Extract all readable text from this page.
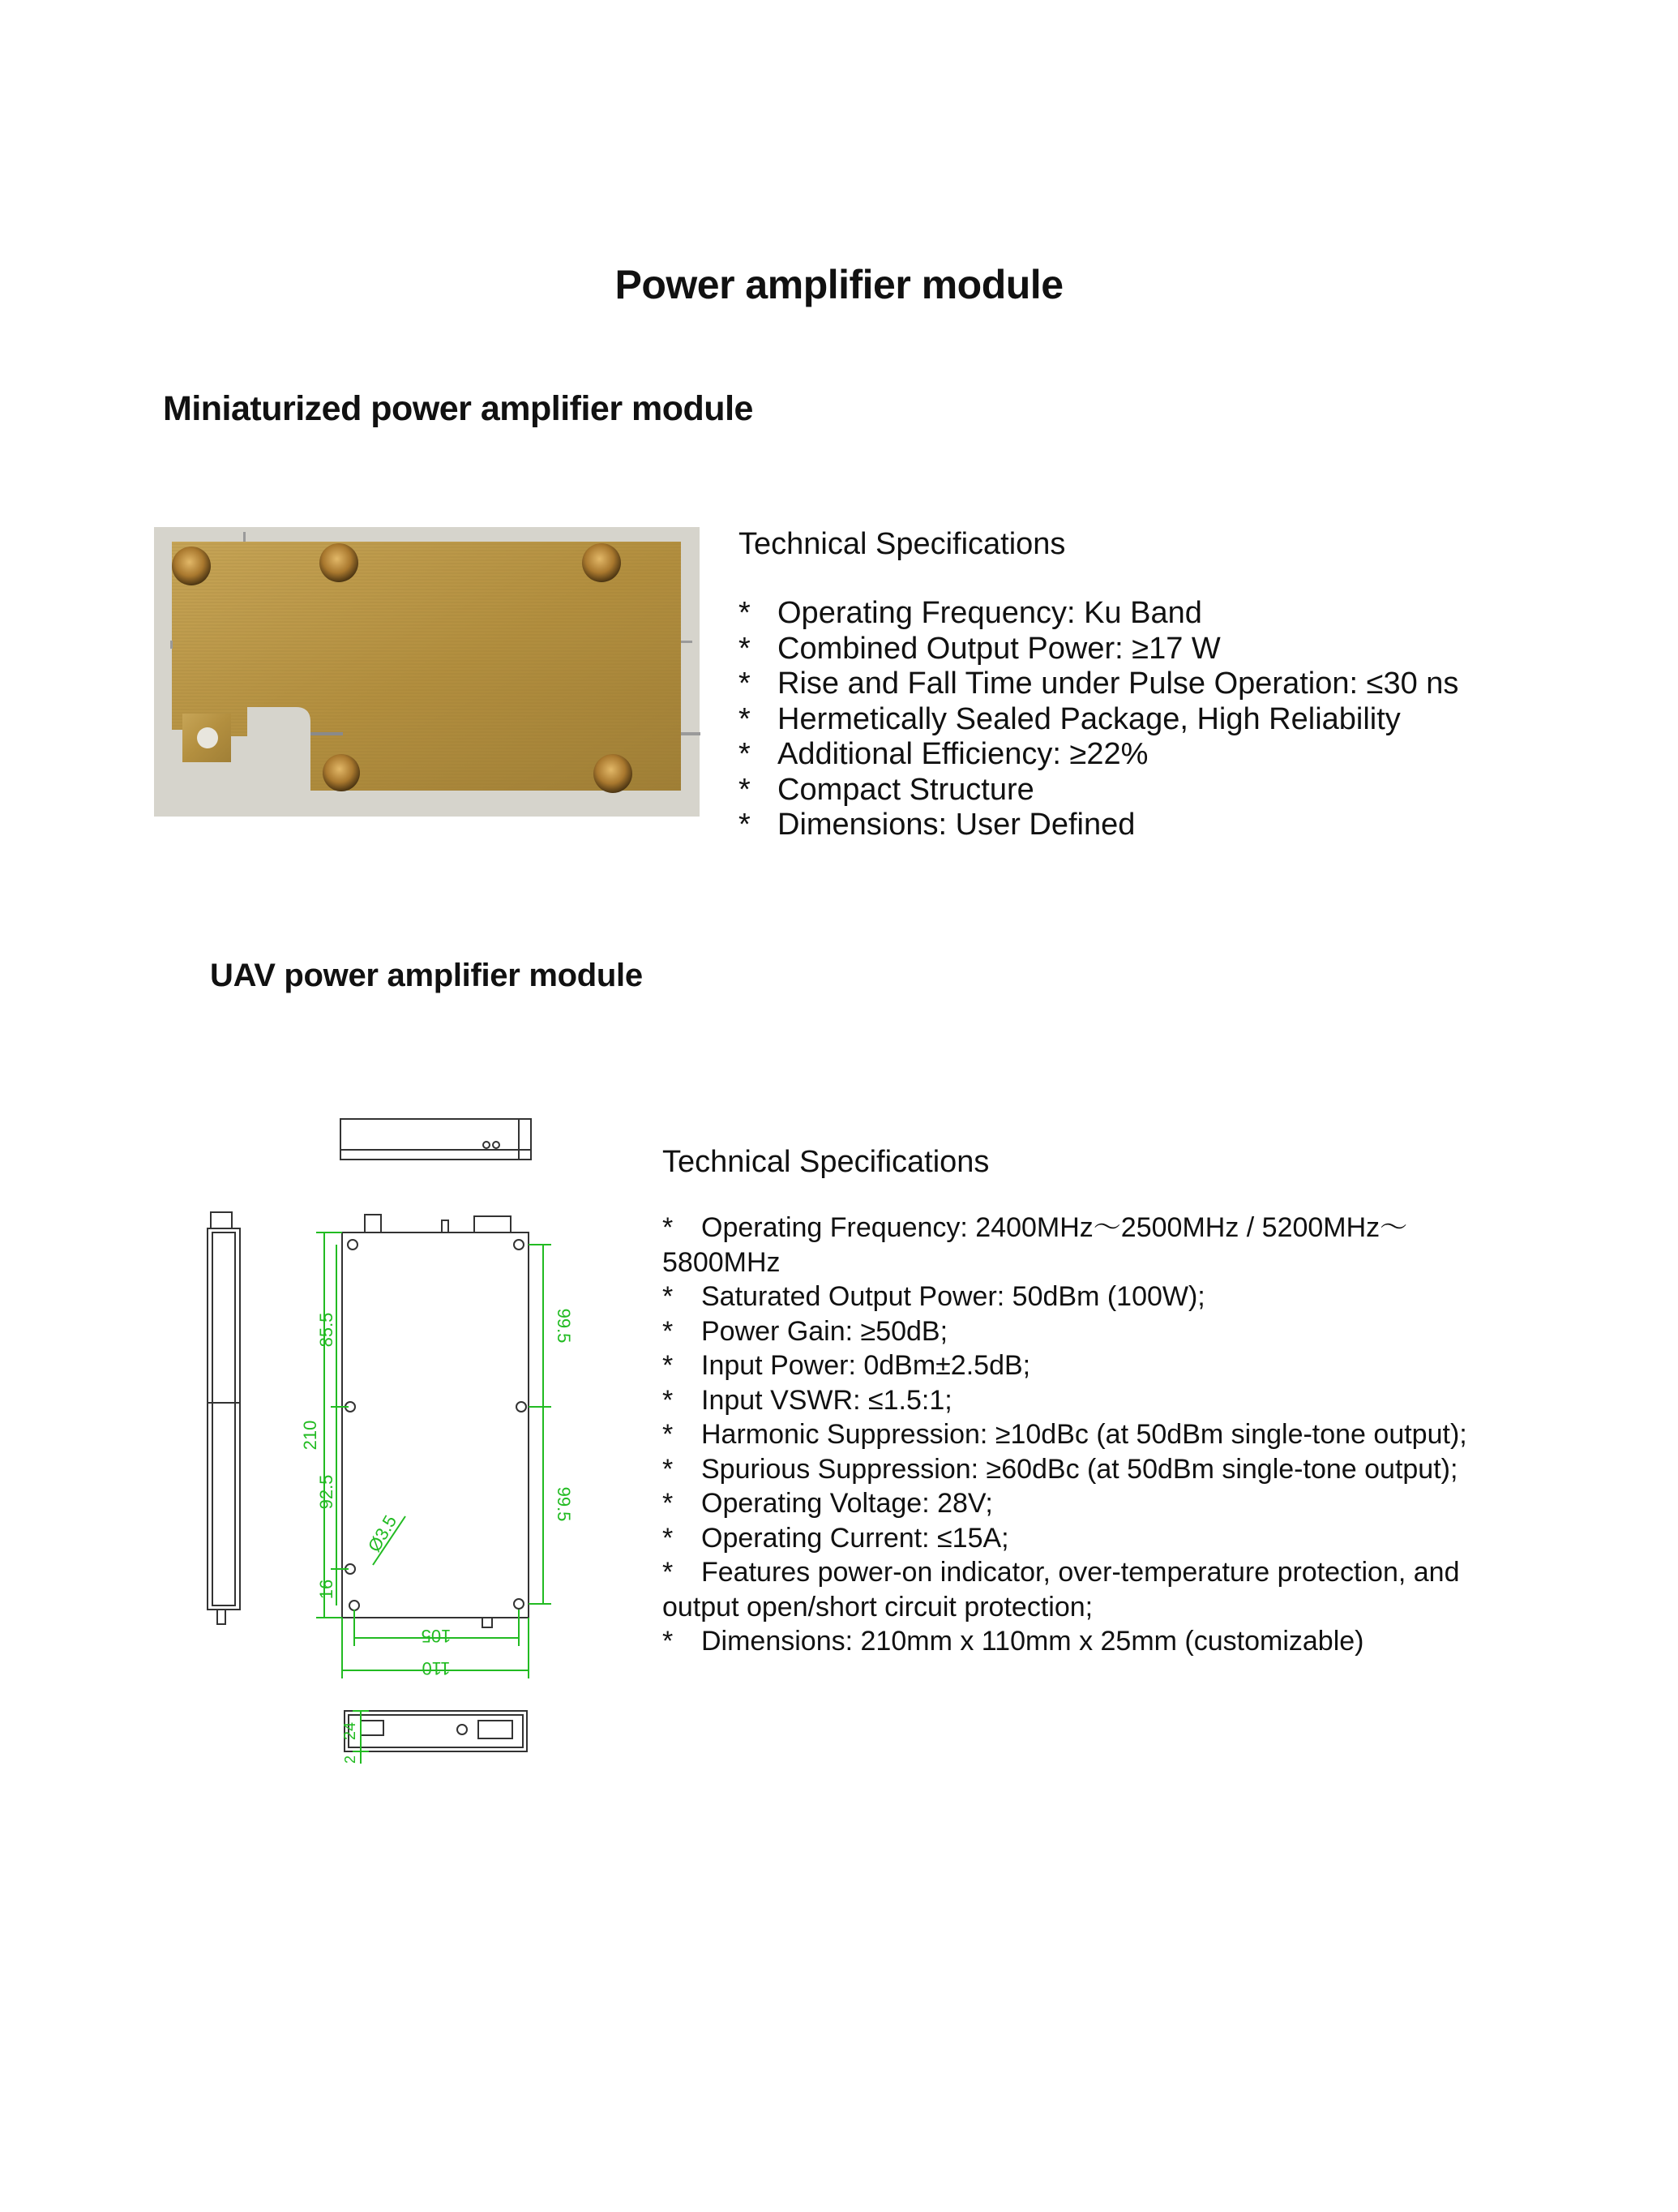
Power amplifier module
Miniaturized power amplifier module
Technical Specifications
* Operating Frequency: Ku Band
* Combined Output Power: ≥17 W
* Rise and Fall Time under Pulse Operation: ≤30 ns
* Hermetically Sealed Package, High Reliability
* Additional Efficiency: ≥22%
* Compact Structure
* Dimensions: User Defined
UAV power amplifier module
210
85.5
92.5
16
99.5
99.5
Ø3.5
105
110
24
2
Technical Specifications
* Operating Frequency: 2400MHz～2500MHz / 5200MHz～5800MHz
* Saturated Output Power: 50dBm (100W);
* Power Gain: ≥50dB;
* Input Power: 0dBm±2.5dB;
* Input VSWR: ≤1.5:1;
* Harmonic Suppression: ≥10dBc (at 50dBm single-tone output);
* Spurious Suppression: ≥60dBc (at 50dBm single-tone output);
* Operating Voltage: 28V;
* Operating Current: ≤15A;
* Features power-on indicator, over-temperature protection, and output open/short circuit protection;
* Dimensions: 210mm x 110mm x 25mm (customizable)
